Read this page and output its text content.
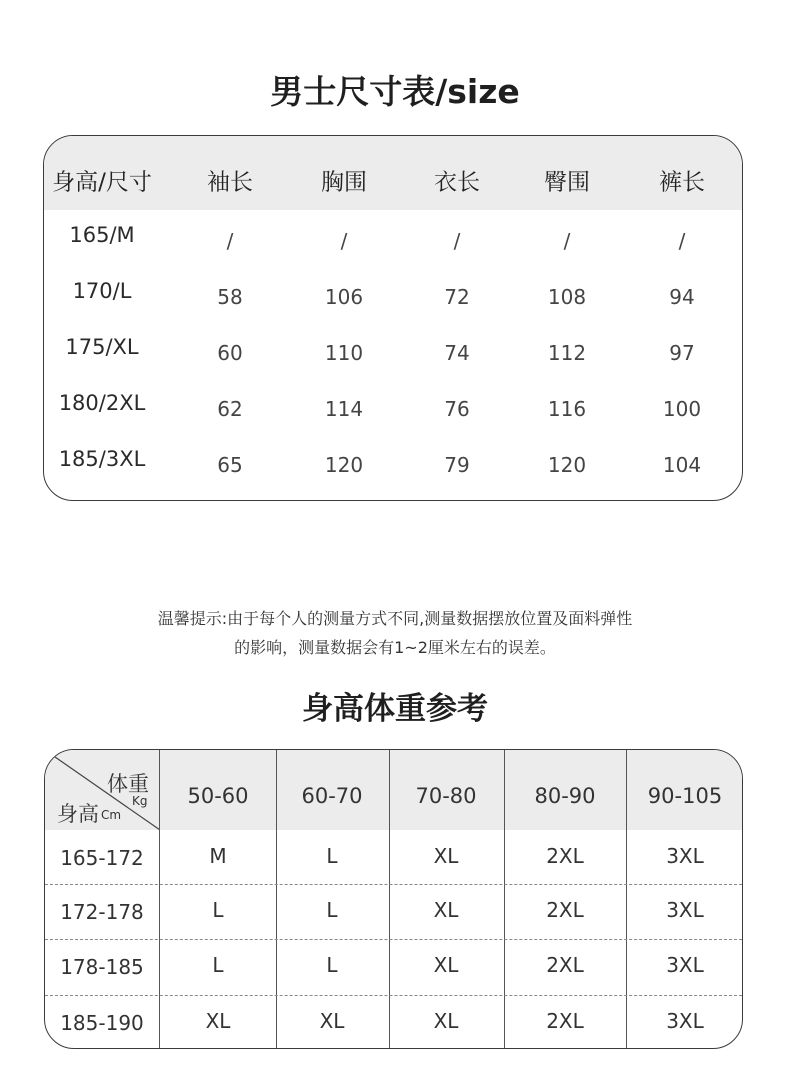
男士尺寸表/size
身高/尺寸 袖长	胸围	衣长	臀围	裤长
165/M	/	/	/	/	/
170/L	58	106	72	108	94
175/XL	60	110	74	112	97
180/2XL	62	114	76	116	100
185/3XL	65	120	79	120	104
温馨提示:由于每个人的测量方式不同,测量数据摆放位置及面料弹性
的影响，测量数据会有1~2厘米左右的误差。
身高体重参考
体重
Kg
身高 Cm
50-60	60-70	70-80	80-90 90-105
165-172	M	L	XL	2XL	3XL
172-178	L	L	XL	2XL	3XL
178-185	L	L	XL	2XL	3XL
185-190	XL	XL	XL	2XL	3XL
